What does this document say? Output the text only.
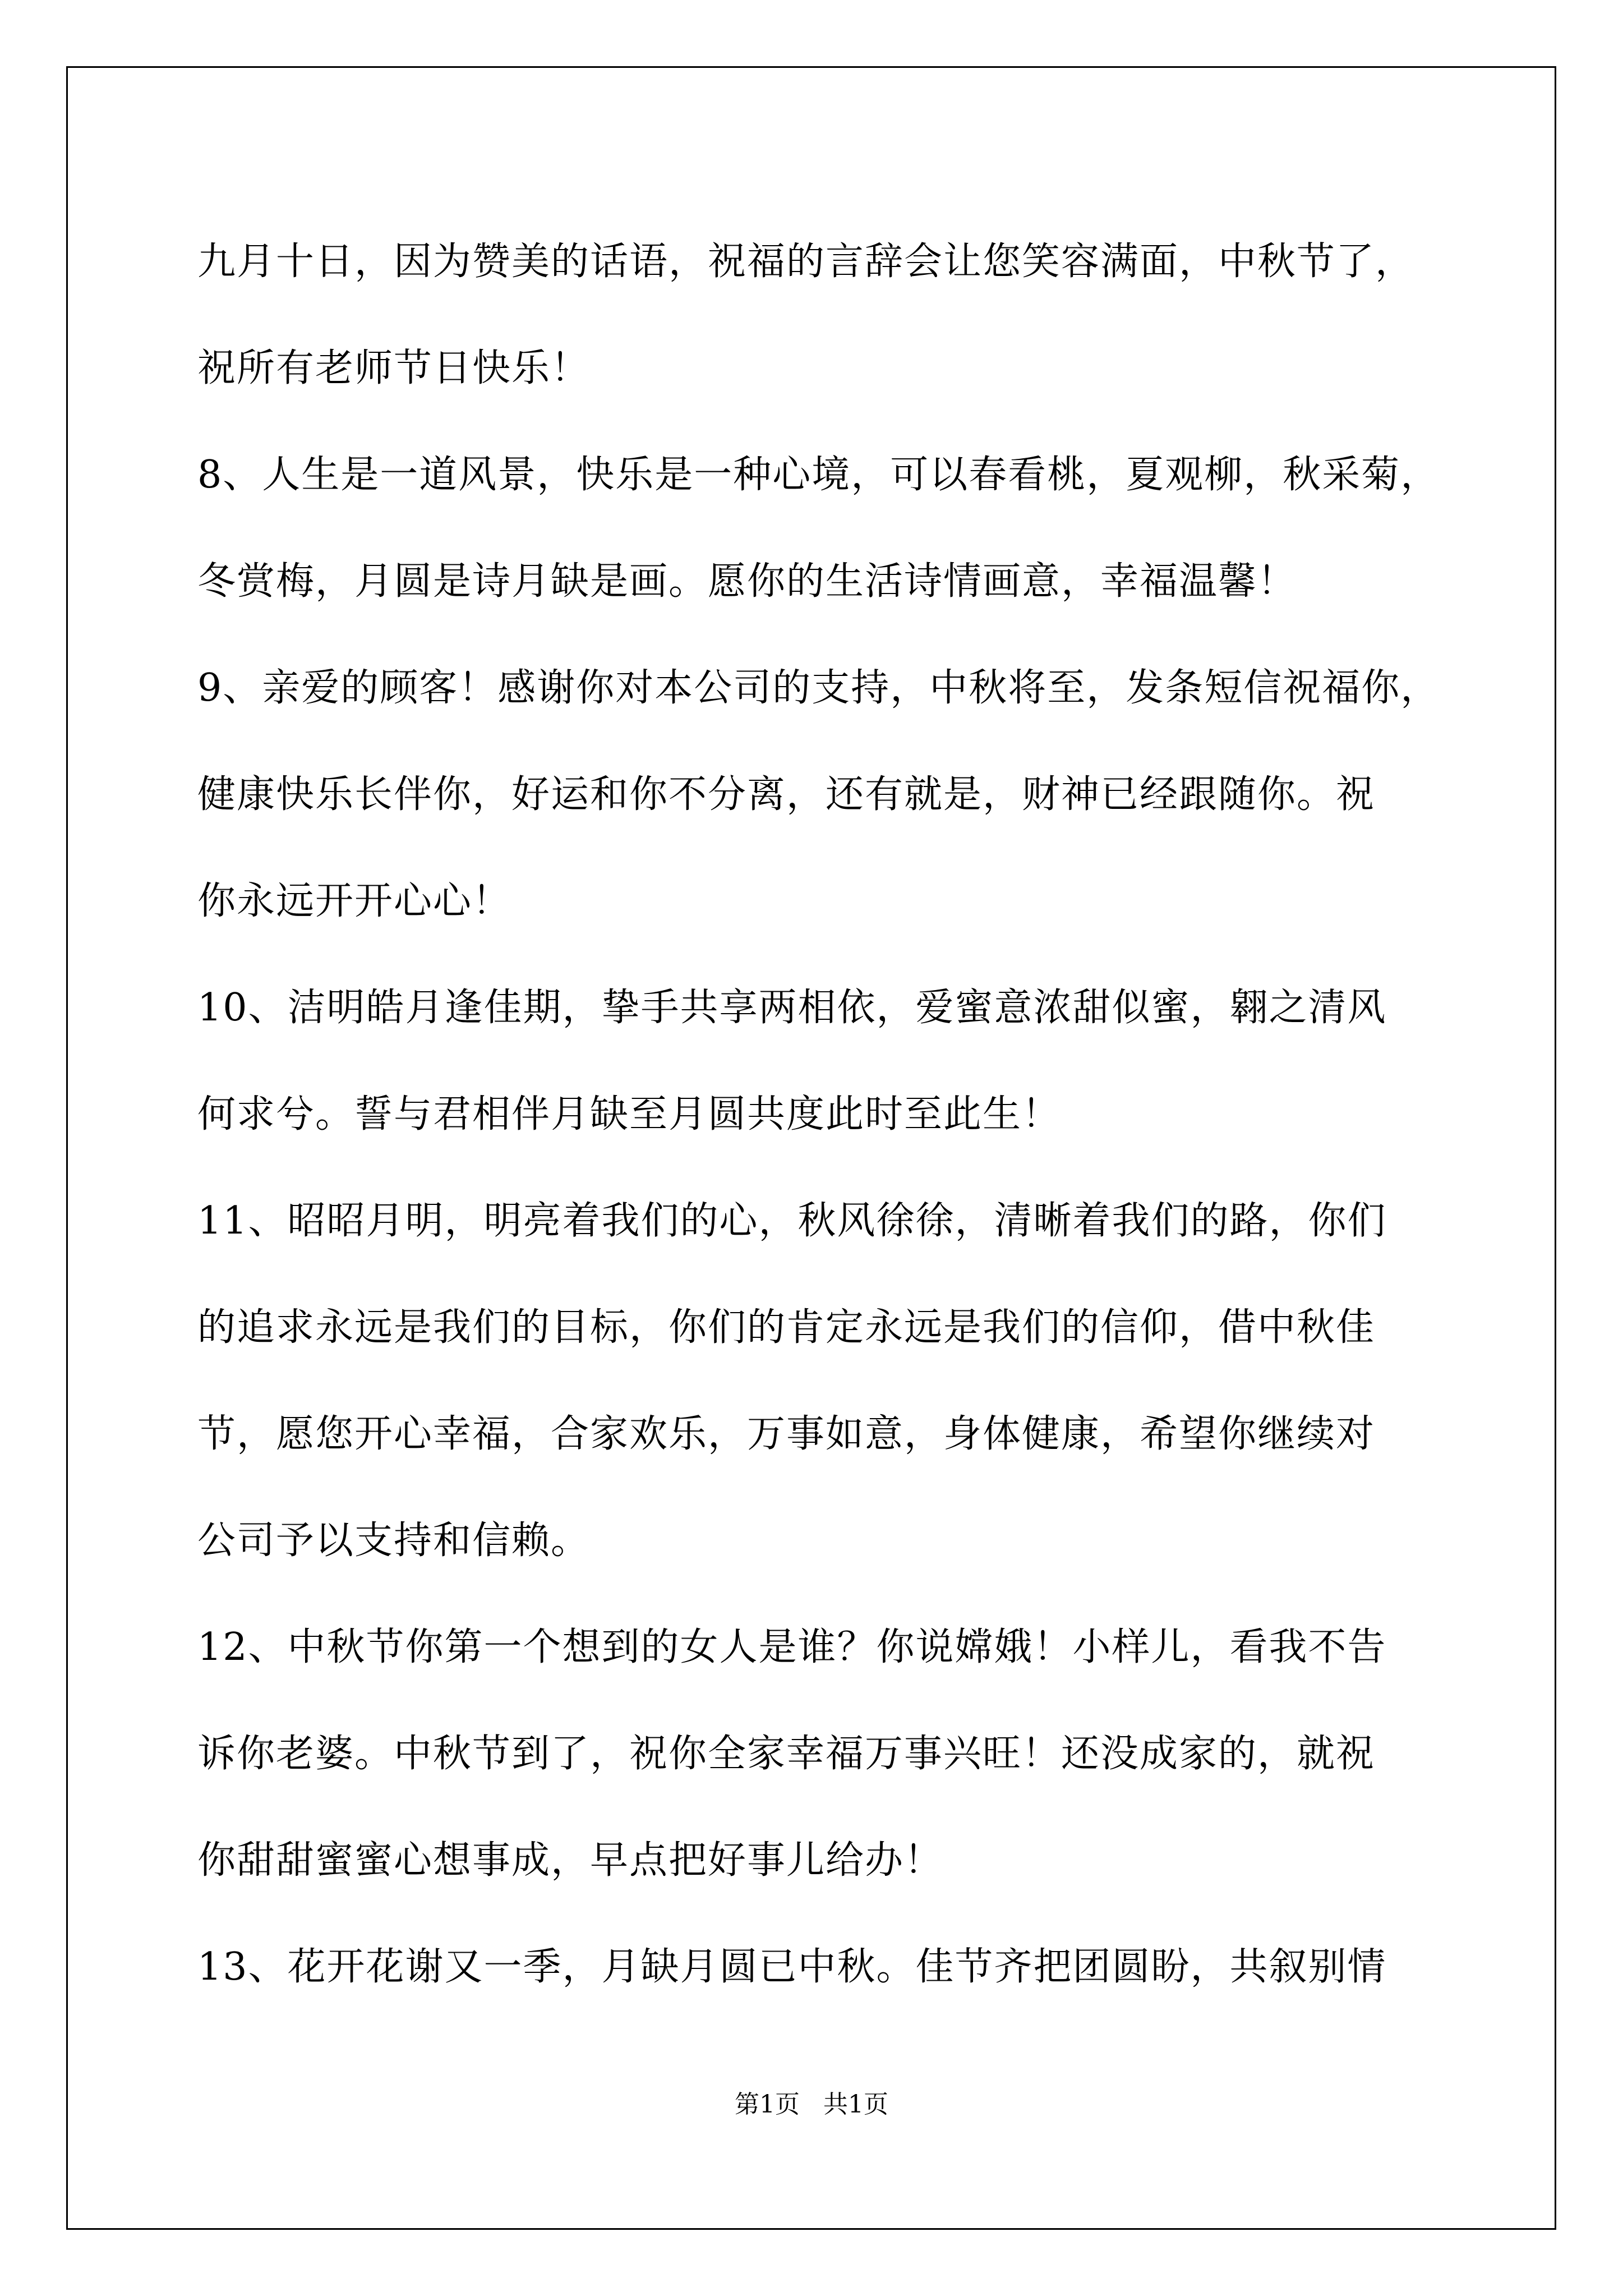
九月十日，因为赞美的话语，祝福的言辞会让您笑容满面，中秋节了，
祝所有老师节日快乐！
8、人生是一道风景，快乐是一种心境，可以春看桃，夏观柳，秋采菊，
冬赏梅，月圆是诗月缺是画。愿你的生活诗情画意，幸福温馨！
9、亲爱的顾客！感谢你对本公司的支持，中秋将至，发条短信祝福你，
健康快乐长伴你，好运和你不分离，还有就是，财神已经跟随你。祝
你永远开开心心！
10、洁明皓月逢佳期，挚手共享两相依，爱蜜意浓甜似蜜，翱之清风
何求兮。誓与君相伴月缺至月圆共度此时至此生！
11、昭昭月明，明亮着我们的心，秋风徐徐，清晰着我们的路，你们
的追求永远是我们的目标，你们的肯定永远是我们的信仰，借中秋佳
节，愿您开心幸福，合家欢乐，万事如意，身体健康，希望你继续对
公司予以支持和信赖。
12、中秋节你第一个想到的女人是谁？你说嫦娥！小样儿，看我不告
诉你老婆。中秋节到了，祝你全家幸福万事兴旺！还没成家的，就祝
你甜甜蜜蜜心想事成，早点把好事儿给办！
13、花开花谢又一季，月缺月圆已中秋。佳节齐把团圆盼，共叙别情
第1页   共1页
